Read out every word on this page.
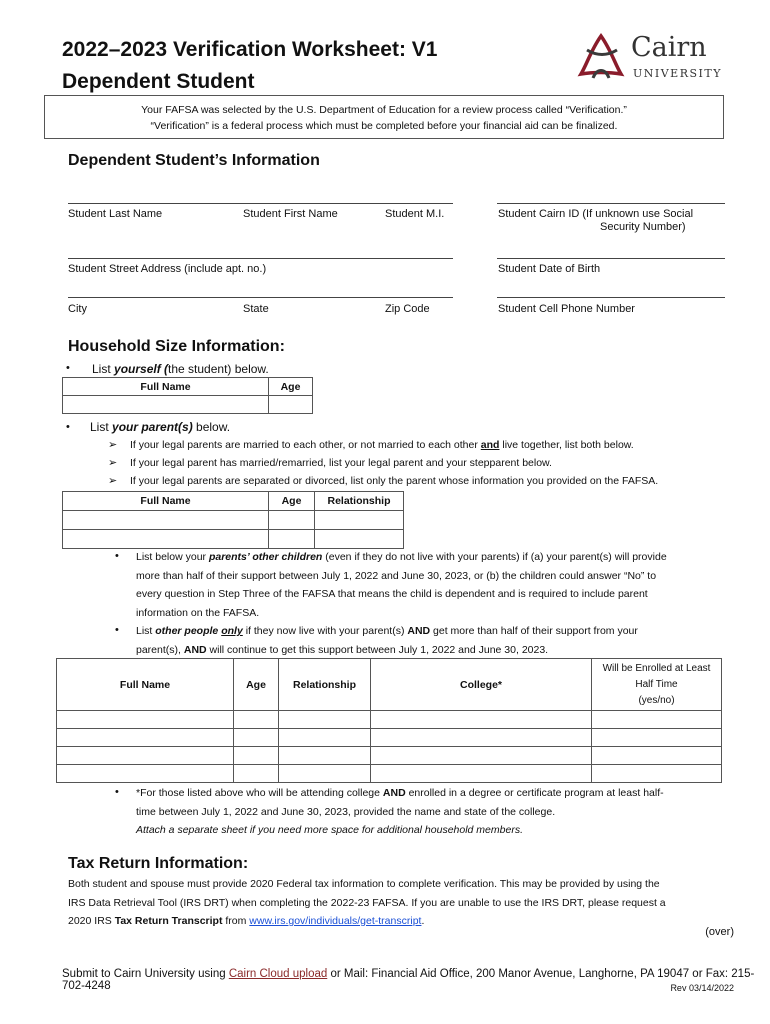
2022–2023 Verification Worksheet: V1
Dependent Student
Cairn
UNIVERSITY
Your FAFSA was selected by the U.S. Department of Education for a review process called “Verification.”
“Verification” is a federal process which must be completed before your financial aid can be finalized.
Dependent Student’s Information
Student Last Name	Student First Name	Student M.I.	Student Cairn ID (If unknown use Social
Security Number)
Student Street Address (include apt. no.)	Student Date of Birth
City	State	Zip Code	Student Cell Phone Number
Household Size Information:
• List yourself (the student) below.
Full Name	Age

• List your parent(s) below.
➢ If your legal parents are married to each other, or not married to each other and live together, list both below.
➢ If your legal parent has married/remarried, list your legal parent and your stepparent below.
➢ If your legal parents are separated or divorced, list only the parent whose information you provided on the FAFSA.
Full Name	Age	Relationship

• List below your parents’ other children (even if they do not live with your parents) if (a) your parent(s) will provide
more than half of their support between July 1, 2022 and June 30, 2023, or (b) the children could answer “No” to
every question in Step Three of the FAFSA that means the child is dependent and is required to include parent
information on the FAFSA.
• List other people only if they now live with your parent(s) AND get more than half of their support from your
parent(s), AND will continue to get this support between July 1, 2022 and June 30, 2023.
Full Name	Age	Relationship	College*	Will be Enrolled at Least
Half Time
(yes/no)

• *For those listed above who will be attending college AND enrolled in a degree or certificate program at least half-
time between July 1, 2022 and June 30, 2023, provided the name and state of the college.
Attach a separate sheet if you need more space for additional household members.
Tax Return Information:
Both student and spouse must provide 2020 Federal tax information to complete verification. This may be provided by using the
IRS Data Retrieval Tool (IRS DRT) when completing the 2022-23 FAFSA. If you are unable to use the IRS DRT, please request a
2020 IRS Tax Return Transcript from www.irs.gov/individuals/get-transcript.
(over)
Submit to Cairn University using Cairn Cloud upload or Mail: Financial Aid Office, 200 Manor Avenue, Langhorne, PA 19047 or Fax: 215-702-4248	Rev 03/14/2022
